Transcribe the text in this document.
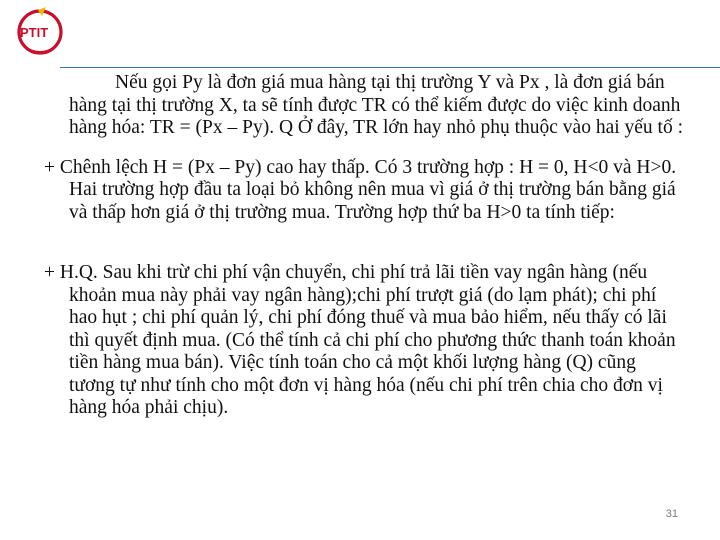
PTIT

Nếu gọi Py là đơn giá mua hàng tại thị trường Y và Px , là đơn giá bán hàng tại thị trường X, ta sẽ tính được TR có thể kiếm được do việc kinh doanh hàng hóa: TR = (Px – Py). Q Ở đây, TR lớn hay nhỏ phụ thuộc vào hai yếu tố :

+ Chênh lệch H = (Px – Py) cao hay thấp. Có 3 trường hợp : H = 0, H<0 và H>0. Hai trường hợp đầu ta loại bỏ không nên mua vì giá ở thị trường bán bằng giá và thấp hơn giá ở thị trường mua. Trường hợp thứ ba H>0 ta tính tiếp:

+ H.Q. Sau khi trừ chi phí vận chuyển, chi phí trả lãi tiền vay ngân hàng (nếu khoản mua này phải vay ngân hàng);chi phí trượt giá (do lạm phát); chi phí hao hụt ; chi phí quản lý, chi phí đóng thuế và mua bảo hiểm, nếu thấy có lãi thì quyết định mua. (Có thể tính cả chi phí cho phương thức thanh toán khoản tiền hàng mua bán). Việc tính toán cho cả một khối lượng hàng (Q) cũng tương tự như tính cho một đơn vị hàng hóa (nếu chi phí trên chia cho đơn vị hàng hóa phải chịu).

31
